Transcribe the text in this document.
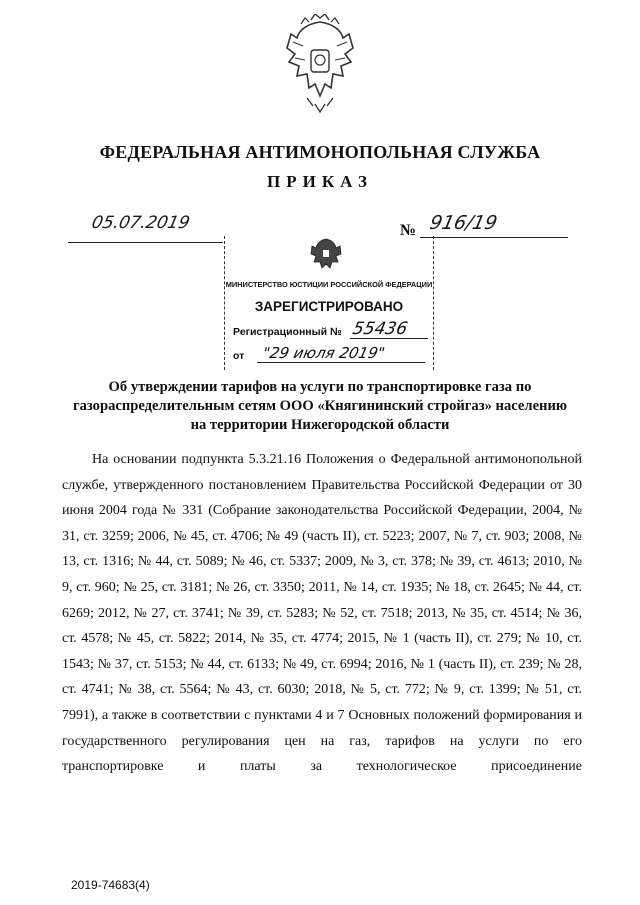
ФЕДЕРАЛЬНАЯ АНТИМОНОПОЛЬНАЯ СЛУЖБА
ПРИКАЗ
05.07.2019	№ 916/19
МИНИСТЕРСТВО ЮСТИЦИИ РОССИЙСКОЙ ФЕДЕРАЦИИ
ЗАРЕГИСТРИРОВАНО
Регистрационный № 55436
от "29 июля 2019"
Об утверждении тарифов на услуги по транспортировке газа по газораспределительным сетям ООО «Княгининский стройгаз» населению на территории Нижегородской области

На основании подпункта 5.3.21.16 Положения о Федеральной антимонопольной службе, утвержденного постановлением Правительства Российской Федерации от 30 июня 2004 года № 331 (Собрание законодательства Российской Федерации, 2004, № 31, ст. 3259; 2006, № 45, ст. 4706; № 49 (часть II), ст. 5223; 2007, № 7, ст. 903; 2008, № 13, ст. 1316; № 44, ст. 5089; № 46, ст. 5337; 2009, № 3, ст. 378; № 39, ст. 4613; 2010, № 9, ст. 960; № 25, ст. 3181; № 26, ст. 3350; 2011, № 14, ст. 1935; № 18, ст. 2645; № 44, ст. 6269; 2012, № 27, ст. 3741; № 39, ст. 5283; № 52, ст. 7518; 2013, № 35, ст. 4514; № 36, ст. 4578; № 45, ст. 5822; 2014, № 35, ст. 4774; 2015, № 1 (часть II), ст. 279; № 10, ст. 1543; № 37, ст. 5153; № 44, ст. 6133; № 49, ст. 6994; 2016, № 1 (часть II), ст. 239; № 28, ст. 4741; № 38, ст. 5564; № 43, ст. 6030; 2018, № 5, ст. 772; № 9, ст. 1399; № 51, ст. 7991), а также в соответствии с пунктами 4 и 7 Основных положений формирования и государственного регулирования цен на газ, тарифов на услуги по его транспортировке и платы за технологическое присоединение

2019-74683(4)
